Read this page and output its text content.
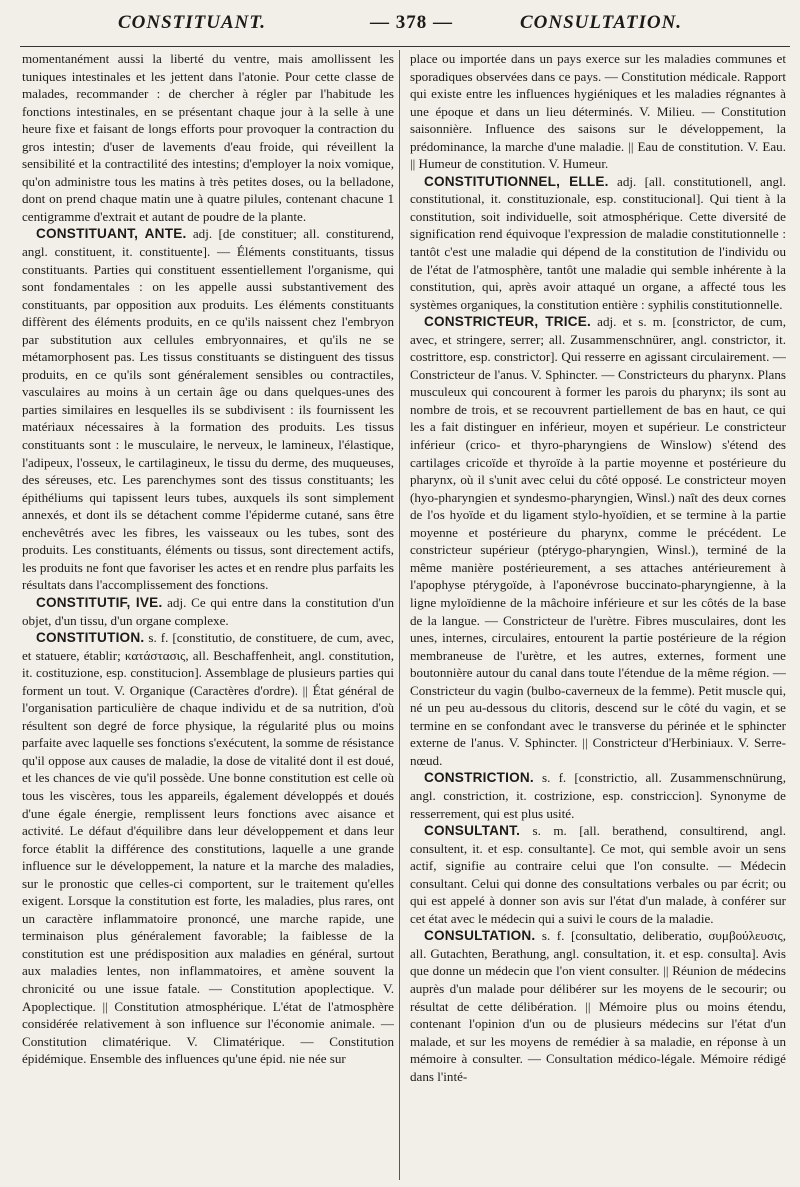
CONSTITUANT.	— 378 —	CONSULTATION.

momentanément aussi la liberté du ventre, mais amollissent les tuniques intestinales et les jettent dans l'atonie. Pour cette classe de malades, recommander : de chercher à régler par l'habitude les fonctions intestinales, en se présentant chaque jour à la selle à une heure fixe et faisant de longs efforts pour provoquer la contraction du gros intestin; d'user de lavements d'eau froide, qui réveillent la sensibilité et la contractilité des intestins; d'employer la noix vomique, qu'on administre tous les matins à très petites doses, ou la belladone, dont on prend chaque matin une à quatre pilules, contenant chacune 1 centigramme d'extrait et autant de poudre de la plante.

CONSTITUANT, ANTE. adj. [de constituer; all. constiturend, angl. constituent, it. constituente]. — Éléments constituants, tissus constituants. Parties qui constituent essentiellement l'organisme, qui sont fondamentales : on les appelle aussi substantivement des constituants, par opposition aux produits. Les éléments constituants diffèrent des éléments produits, en ce qu'ils naissent chez l'embryon par substitution aux cellules embryonnaires, et qu'ils ne se métamorphosent pas. Les tissus constituants se distinguent des tissus produits, en ce qu'ils sont généralement sensibles ou contractiles, vasculaires au moins à un certain âge ou dans quelques-unes des parties similaires en lesquelles ils se subdivisent : ils fournissent les matériaux nécessaires à la formation des produits. Les tissus constituants sont : le musculaire, le nerveux, le lamineux, l'élastique, l'adipeux, l'osseux, le cartilagineux, le tissu du derme, des muqueuses, des séreuses, etc. Les parenchymes sont des tissus constituants; les épithéliums qui tapissent leurs tubes, auxquels ils sont simplement annexés, et dont ils se détachent comme l'épiderme cutané, sans être enchevêtrés avec les fibres, les vaisseaux ou les tubes, sont des produits. Les constituants, éléments ou tissus, sont directement actifs, les produits ne font que favoriser les actes et en rendre plus parfaits les résultats dans l'accomplissement des fonctions.

CONSTITUTIF, IVE. adj. Ce qui entre dans la constitution d'un objet, d'un tissu, d'un organe complexe.

CONSTITUTION. s. f. [constitutio, de constituere, de cum, avec, et statuere, établir; κατάστασις, all. Beschaffenheit, angl. constitution, it. costituzione, esp. constitucion]. Assemblage de plusieurs parties qui forment un tout. V. Organique (Caractères d'ordre). || État général de l'organisation particulière de chaque individu et de sa nutrition, d'où résultent son degré de force physique, la régularité plus ou moins parfaite avec laquelle ses fonctions s'exécutent, la somme de résistance qu'il oppose aux causes de maladie, la dose de vitalité dont il est doué, et les chances de vie qu'il possède. Une bonne constitution est celle où tous les viscères, tous les appareils, également développés et doués d'une égale énergie, remplissent leurs fonctions avec aisance et activité. Le défaut d'équilibre dans leur développement et dans leur force établit la différence des constitutions, laquelle a une grande influence sur le développement, la nature et la marche des maladies, sur le pronostic que celles-ci comportent, sur le traitement qu'elles exigent. Lorsque la constitution est forte, les maladies, plus rares, ont un caractère inflammatoire prononcé, une marche rapide, une terminaison plus généralement favorable; la faiblesse de la constitution est une prédisposition aux maladies en général, surtout aux maladies lentes, non inflammatoires, et amène souvent la chronicité ou une issue fatale. — Constitution apoplectique. V. Apoplectique. || Constitution atmosphérique. L'état de l'atmosphère considérée relativement à son influence sur l'économie animale. — Constitution climatérique. V. Climatérique. — Constitution épidémique. Ensemble des influences qu'une épid. nie née sur

place ou importée dans un pays exerce sur les maladies communes et sporadiques observées dans ce pays. — Constitution médicale. Rapport qui existe entre les influences hygiéniques et les maladies régnantes à une époque et dans un lieu déterminés. V. Milieu. — Constitution saisonnière. Influence des saisons sur le développement, la prédominance, la marche d'une maladie. || Eau de constitution. V. Eau. || Humeur de constitution. V. Humeur.

CONSTITUTIONNEL, ELLE. adj. [all. constitutionell, angl. constitutional, it. constituzionale, esp. constitucional]. Qui tient à la constitution, soit individuelle, soit atmosphérique. Cette diversité de signification rend équivoque l'expression de maladie constitutionnelle : tantôt c'est une maladie qui dépend de la constitution de l'individu ou de l'état de l'atmosphère, tantôt une maladie qui semble inhérente à la constitution, qui, après avoir attaqué un organe, a affecté tous les systèmes organiques, la constitution entière : syphilis constitutionnelle.

CONSTRICTEUR, TRICE. adj. et s. m. [constrictor, de cum, avec, et stringere, serrer; all. Zusammenschnürer, angl. constrictor, it. costrittore, esp. constrictor]. Qui resserre en agissant circulairement. — Constricteur de l'anus. V. Sphincter. — Constricteurs du pharynx. Plans musculeux qui concourent à former les parois du pharynx; ils sont au nombre de trois, et se recouvrent partiellement de bas en haut, ce qui les a fait distinguer en inférieur, moyen et supérieur. Le constricteur inférieur (crico- et thyro-pharyngiens de Winslow) s'étend des cartilages cricoïde et thyroïde à la partie moyenne et postérieure du pharynx, où il s'unit avec celui du côté opposé. Le constricteur moyen (hyo-pharyngien et syndesmo-pharyngien, Winsl.) naît des deux cornes de l'os hyoïde et du ligament stylo-hyoïdien, et se termine à la partie moyenne et postérieure du pharynx, comme le précédent. Le constricteur supérieur (ptérygo-pharyngien, Winsl.), terminé de la même manière postérieurement, a ses attaches antérieurement à l'apophyse ptérygoïde, à l'aponévrose buccinato-pharyngienne, à la ligne myloïdienne de la mâchoire inférieure et sur les côtés de la base de la langue. — Constricteur de l'urètre. Fibres musculaires, dont les unes, internes, circulaires, entourent la partie postérieure de la région membraneuse de l'urètre, et les autres, externes, forment une boutonnière autour du canal dans toute l'étendue de la même région. — Constricteur du vagin (bulbo-caverneux de la femme). Petit muscle qui, né un peu au-dessous du clitoris, descend sur le côté du vagin, et se termine en se confondant avec le transverse du périnée et le sphincter externe de l'anus. V. Sphincter. || Constricteur d'Herbiniaux. V. Serre-nœud.

CONSTRICTION. s. f. [constrictio, all. Zusammenschnürung, angl. constriction, it. costrizione, esp. constriccion]. Synonyme de resserrement, qui est plus usité.

CONSULTANT. s. m. [all. berathend, consultirend, angl. consultent, it. et esp. consultante]. Ce mot, qui semble avoir un sens actif, signifie au contraire celui que l'on consulte. — Médecin consultant. Celui qui donne des consultations verbales ou par écrit; ou qui est appelé à donner son avis sur l'état d'un malade, à conférer sur cet état avec le médecin qui a suivi le cours de la maladie.

CONSULTATION. s. f. [consultatio, deliberatio, συμβούλευσις, all. Gutachten, Berathung, angl. consultation, it. et esp. consulta]. Avis que donne un médecin que l'on vient consulter. || Réunion de médecins auprès d'un malade pour délibérer sur les moyens de le secourir; ou résultat de cette délibération. || Mémoire plus ou moins étendu, contenant l'opinion d'un ou de plusieurs médecins sur l'état d'un malade, et sur les moyens de remédier à sa maladie, en réponse à un mémoire à consulter. — Consultation médico-légale. Mémoire rédigé dans l'inté-
